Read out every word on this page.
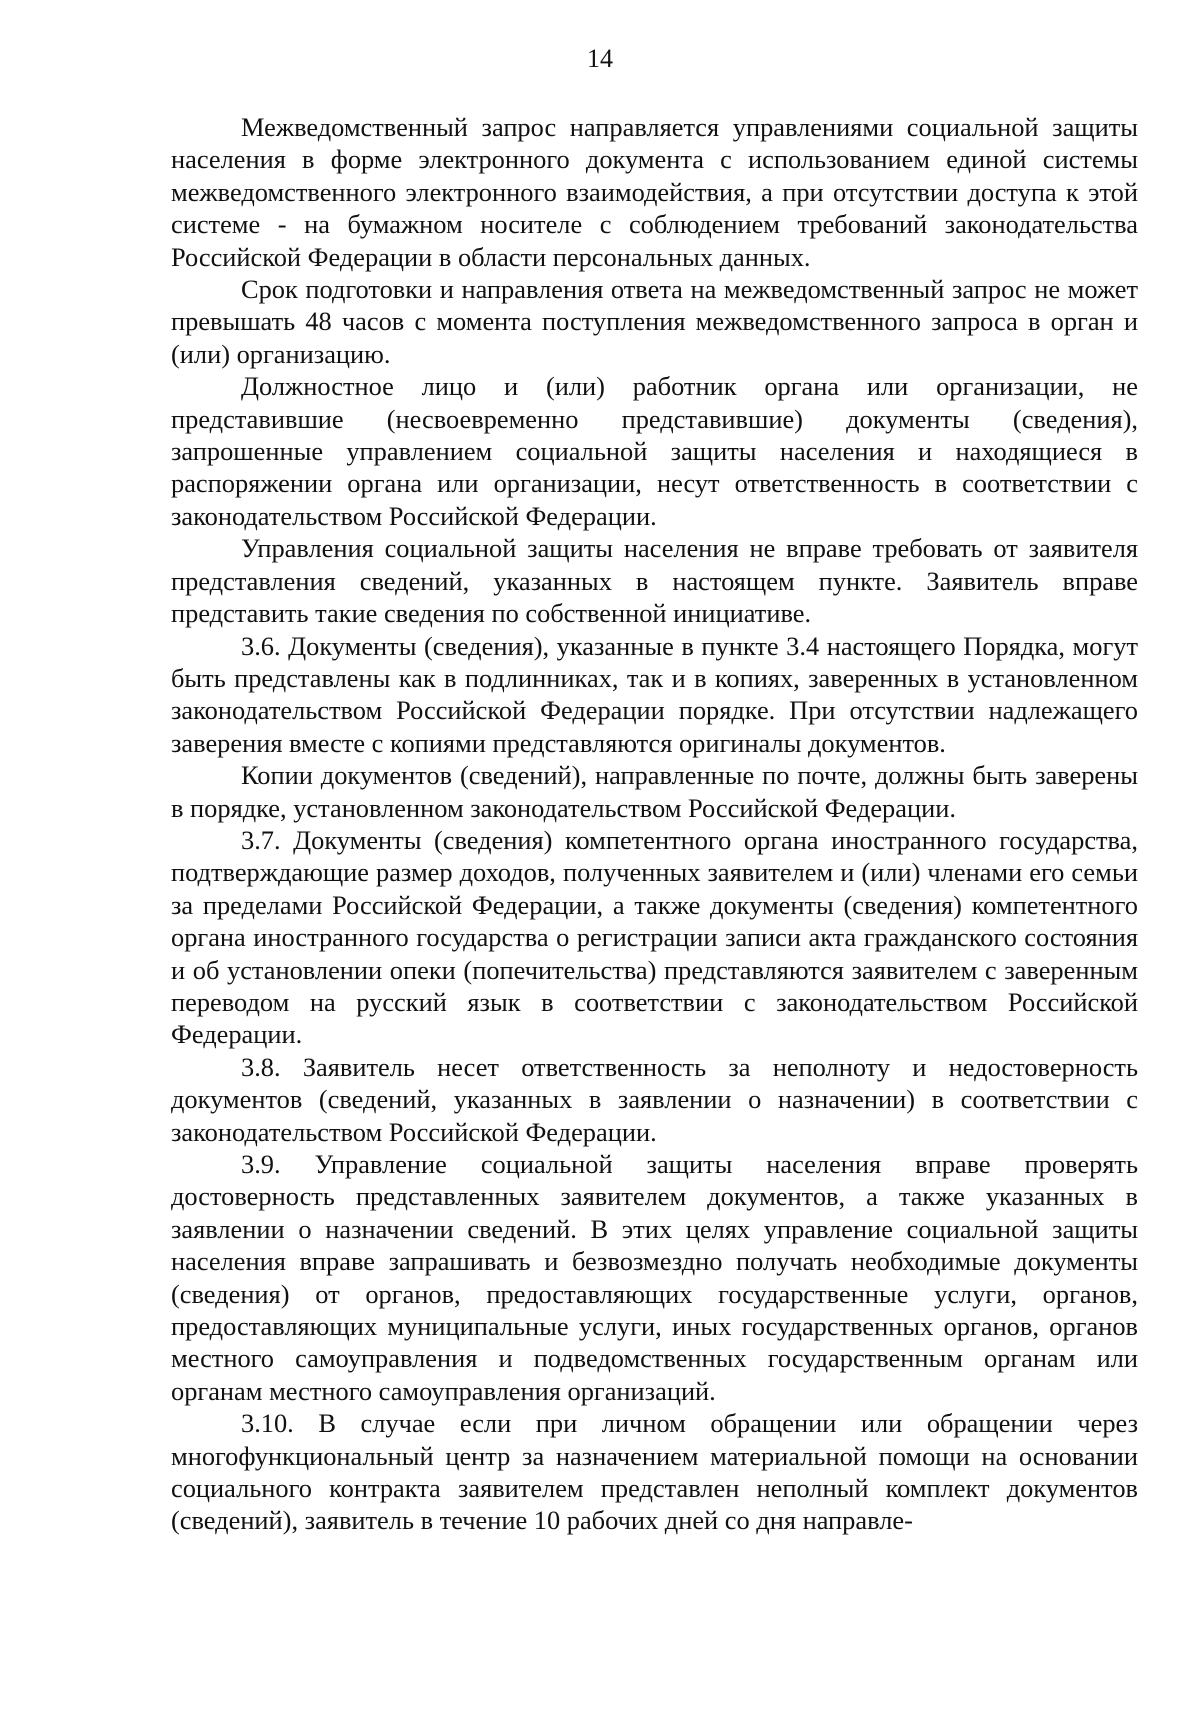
14

Межведомственный запрос направляется управлениями социальной защиты населения в форме электронного документа с использованием единой системы межведомственного электронного взаимодействия, а при отсутствии доступа к этой системе - на бумажном носителе с соблюдением требований законодательства Российской Федерации в области персональных данных.

Срок подготовки и направления ответа на межведомственный запрос не может превышать 48 часов с момента поступления межведомственного запроса в орган и (или) организацию.

Должностное лицо и (или) работник органа или организации, не представившие (несвоевременно представившие) документы (сведения), запрошенные управлением социальной защиты населения и находящиеся в распоряжении органа или организации, несут ответственность в соответствии с законодательством Российской Федерации.

Управления социальной защиты населения не вправе требовать от заявителя представления сведений, указанных в настоящем пункте. Заявитель вправе представить такие сведения по собственной инициативе.

3.6. Документы (сведения), указанные в пункте 3.4 настоящего Порядка, могут быть представлены как в подлинниках, так и в копиях, заверенных в установленном законодательством Российской Федерации порядке. При отсутствии надлежащего заверения вместе с копиями представляются оригиналы документов.

Копии документов (сведений), направленные по почте, должны быть заверены в порядке, установленном законодательством Российской Федерации.

3.7. Документы (сведения) компетентного органа иностранного государства, подтверждающие размер доходов, полученных заявителем и (или) членами его семьи за пределами Российской Федерации, а также документы (сведения) компетентного органа иностранного государства о регистрации записи акта гражданского состояния и об установлении опеки (попечительства) представляются заявителем с заверенным переводом на русский язык в соответствии с законодательством Российской Федерации.

3.8. Заявитель несет ответственность за неполноту и недостоверность документов (сведений, указанных в заявлении о назначении) в соответствии с законодательством Российской Федерации.

3.9. Управление социальной защиты населения вправе проверять достоверность представленных заявителем документов, а также указанных в заявлении о назначении сведений. В этих целях управление социальной защиты населения вправе запрашивать и безвозмездно получать необходимые документы (сведения) от органов, предоставляющих государственные услуги, органов, предоставляющих муниципальные услуги, иных государственных органов, органов местного самоуправления и подведомственных государственным органам или органам местного самоуправления организаций.

3.10. В случае если при личном обращении или обращении через многофункциональный центр за назначением материальной помощи на основании социального контракта заявителем представлен неполный комплект документов (сведений), заявитель в течение 10 рабочих дней со дня направле-
